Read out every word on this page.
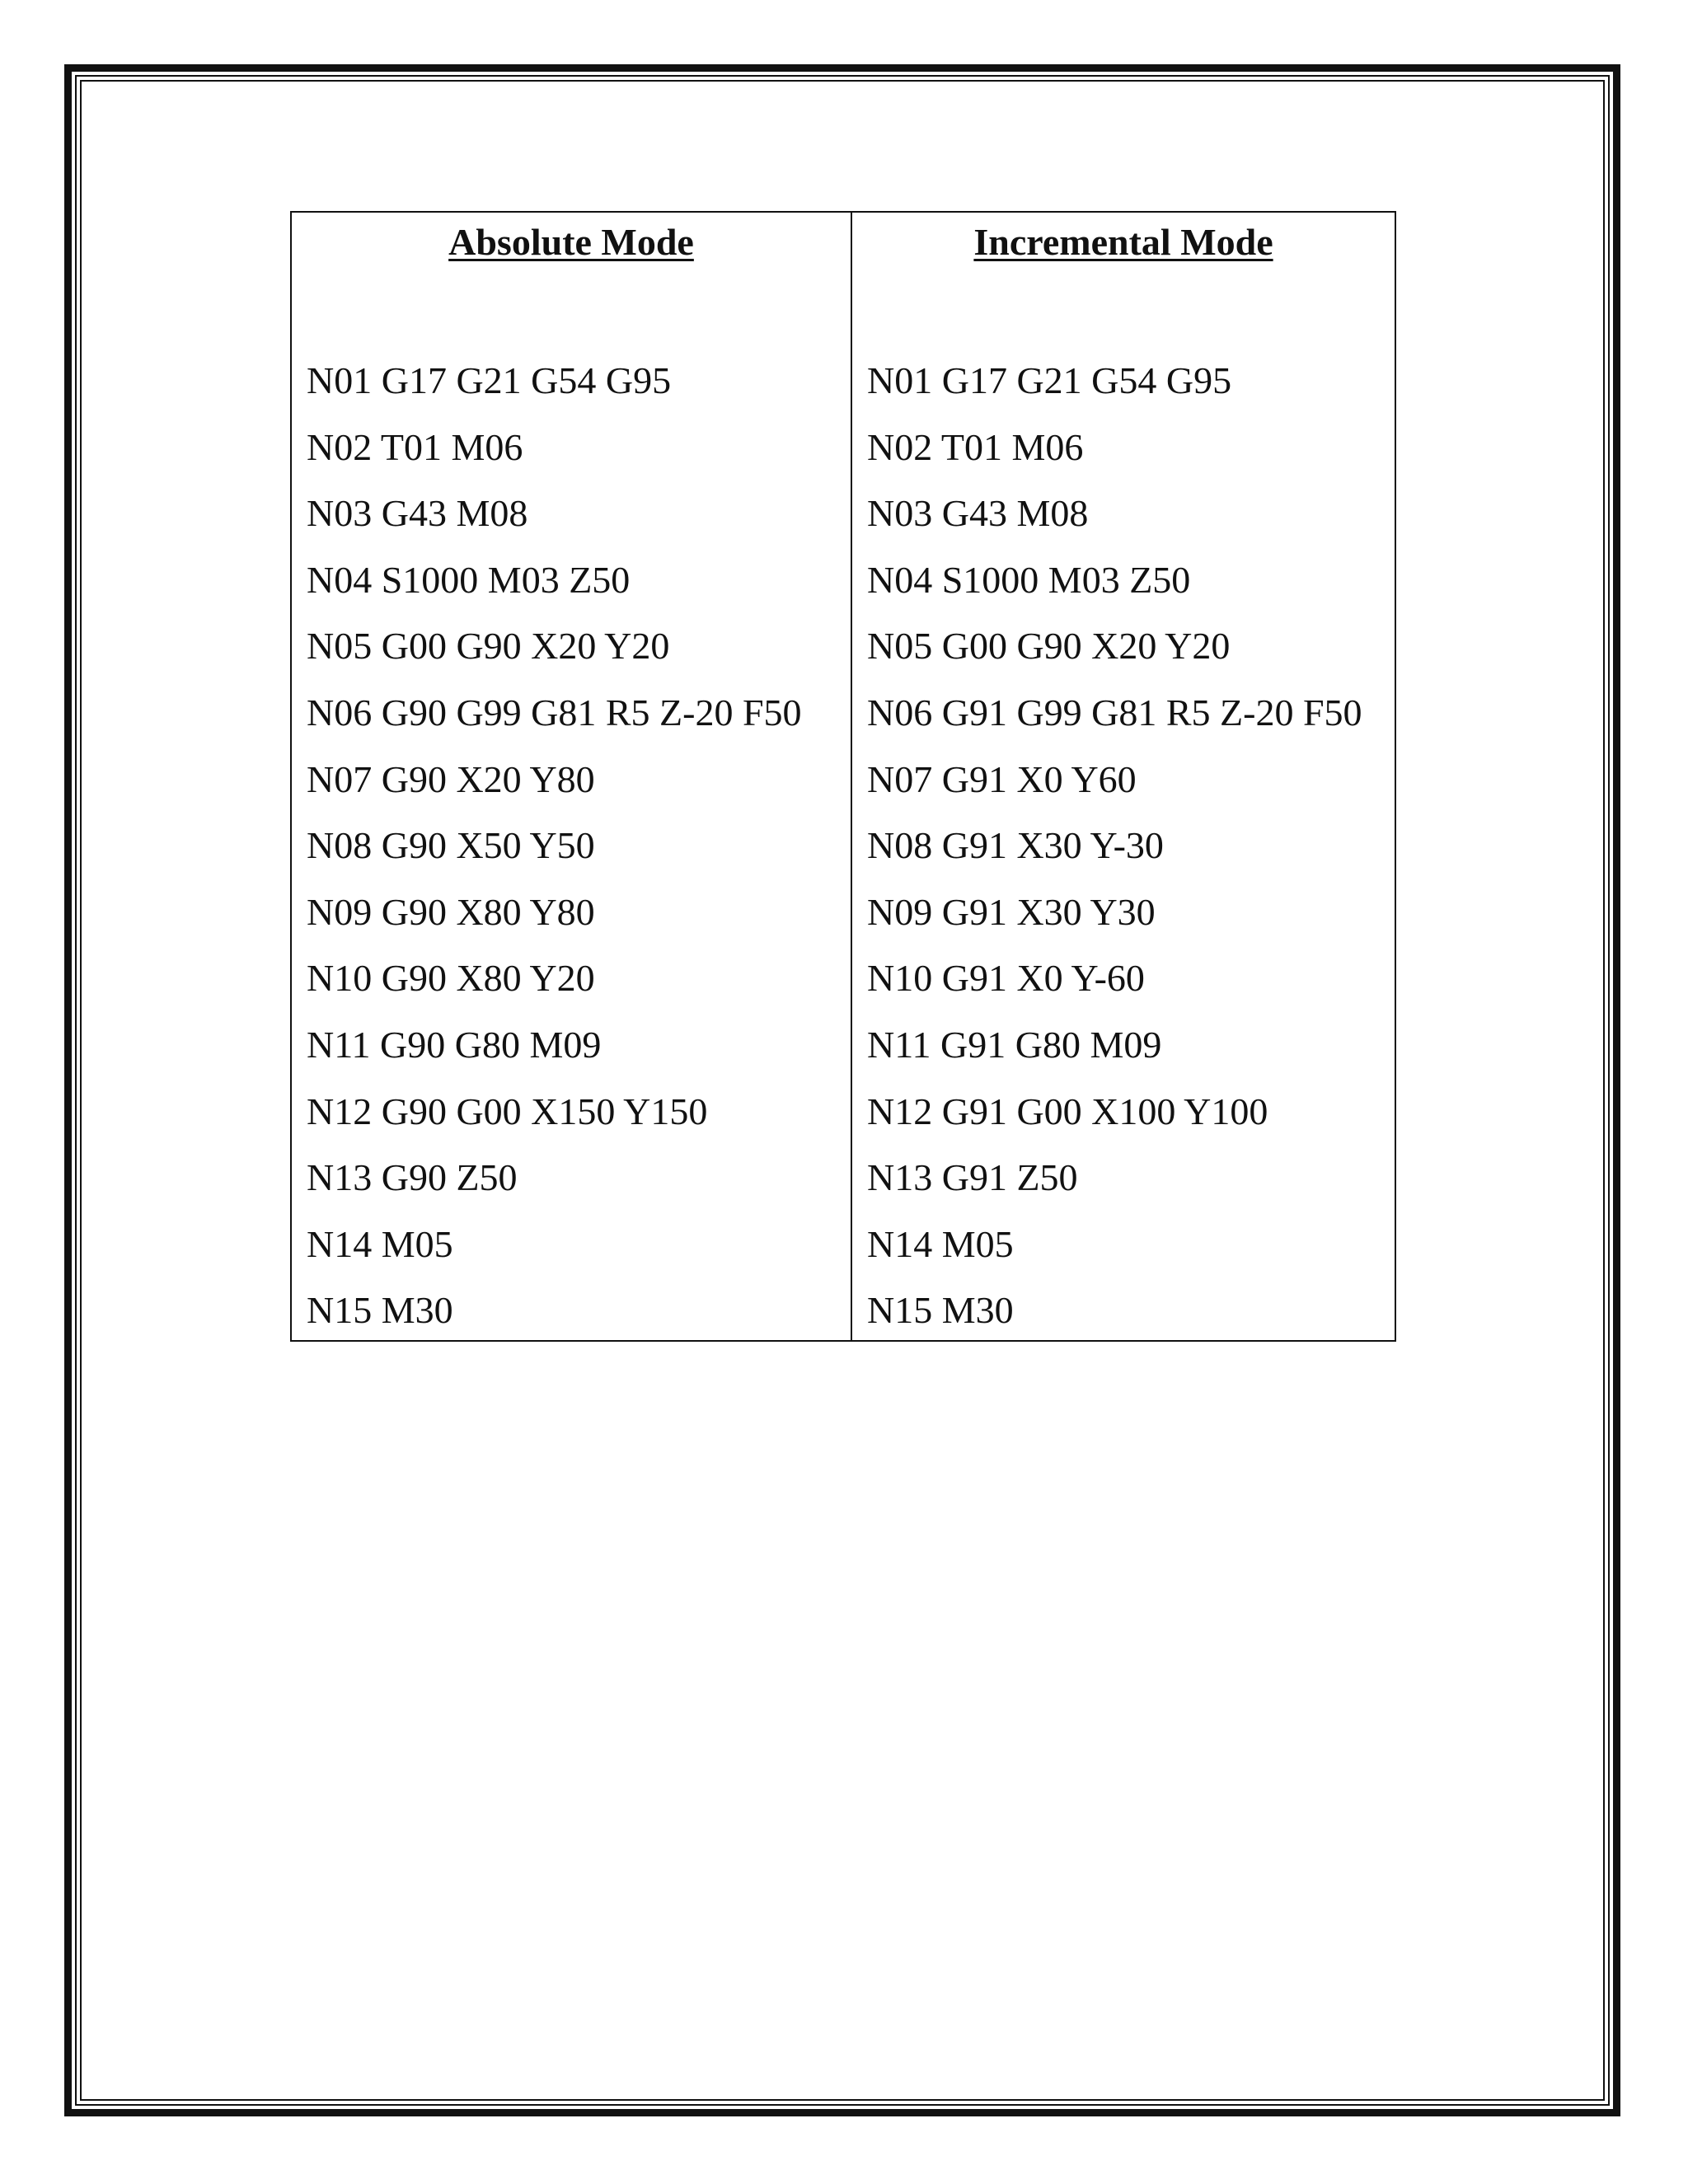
Absolute Mode
N01 G17 G21 G54 G95
N02 T01 M06
N03 G43 M08
N04 S1000 M03 Z50
N05 G00 G90 X20 Y20
N06 G90 G99 G81 R5 Z-20 F50
N07 G90 X20 Y80
N08 G90 X50 Y50
N09 G90 X80 Y80
N10 G90 X80 Y20
N11 G90 G80 M09
N12 G90 G00 X150 Y150
N13 G90 Z50
N14 M05
N15 M30
Incremental Mode
N01 G17 G21 G54 G95
N02 T01 M06
N03 G43 M08
N04 S1000 M03 Z50
N05 G00 G90 X20 Y20
N06 G91 G99 G81 R5 Z-20 F50
N07 G91 X0 Y60
N08 G91 X30 Y-30
N09 G91 X30 Y30
N10 G91 X0 Y-60
N11 G91 G80 M09
N12 G91 G00 X100 Y100
N13 G91 Z50
N14 M05
N15 M30
